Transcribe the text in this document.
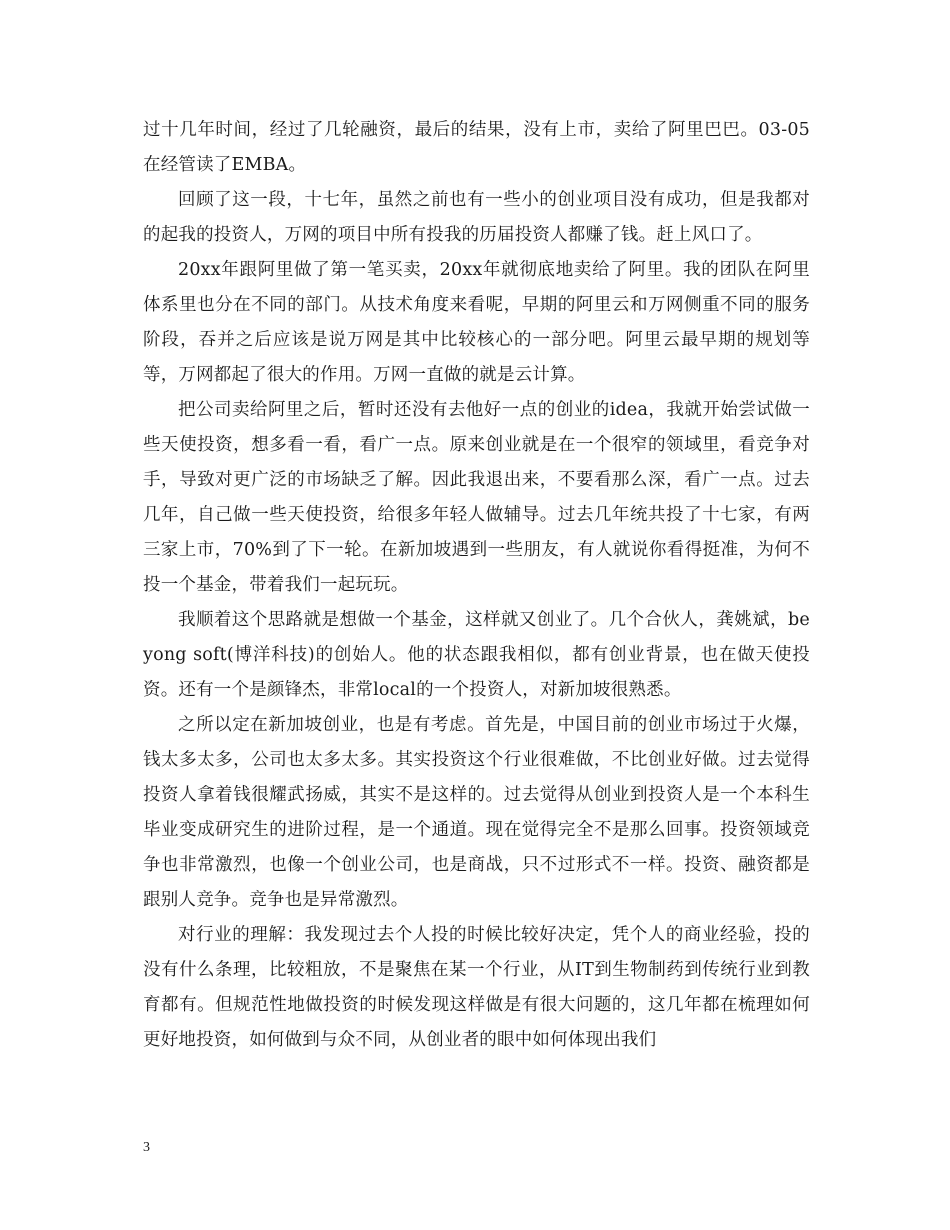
过十几年时间，经过了几轮融资，最后的结果，没有上市，卖给了阿里巴巴。03-05在经管读了EMBA。

回顾了这一段，十七年，虽然之前也有一些小的创业项目没有成功，但是我都对的起我的投资人，万网的项目中所有投我的历届投资人都赚了钱。赶上风口了。

20xx年跟阿里做了第一笔买卖，20xx年就彻底地卖给了阿里。我的团队在阿里体系里也分在不同的部门。从技术角度来看呢，早期的阿里云和万网侧重不同的服务阶段，吞并之后应该是说万网是其中比较核心的一部分吧。阿里云最早期的规划等等，万网都起了很大的作用。万网一直做的就是云计算。

把公司卖给阿里之后，暂时还没有去他好一点的创业的idea，我就开始尝试做一些天使投资，想多看一看，看广一点。原来创业就是在一个很窄的领域里，看竞争对手，导致对更广泛的市场缺乏了解。因此我退出来，不要看那么深，看广一点。过去几年，自己做一些天使投资，给很多年轻人做辅导。过去几年统共投了十七家，有两三家上市，70%到了下一轮。在新加坡遇到一些朋友，有人就说你看得挺准，为何不投一个基金，带着我们一起玩玩。

我顺着这个思路就是想做一个基金，这样就又创业了。几个合伙人，龚姚斌，beyong soft(博洋科技)的创始人。他的状态跟我相似，都有创业背景，也在做天使投资。还有一个是颜锋杰，非常local的一个投资人，对新加坡很熟悉。

之所以定在新加坡创业，也是有考虑。首先是，中国目前的创业市场过于火爆，钱太多太多，公司也太多太多。其实投资这个行业很难做，不比创业好做。过去觉得投资人拿着钱很耀武扬威，其实不是这样的。过去觉得从创业到投资人是一个本科生毕业变成研究生的进阶过程，是一个通道。现在觉得完全不是那么回事。投资领域竞争也非常激烈，也像一个创业公司，也是商战，只不过形式不一样。投资、融资都是跟别人竞争。竞争也是异常激烈。

对行业的理解：我发现过去个人投的时候比较好决定，凭个人的商业经验，投的没有什么条理，比较粗放，不是聚焦在某一个行业，从IT到生物制药到传统行业到教育都有。但规范性地做投资的时候发现这样做是有很大问题的，这几年都在梳理如何更好地投资，如何做到与众不同，从创业者的眼中如何体现出我们

3
